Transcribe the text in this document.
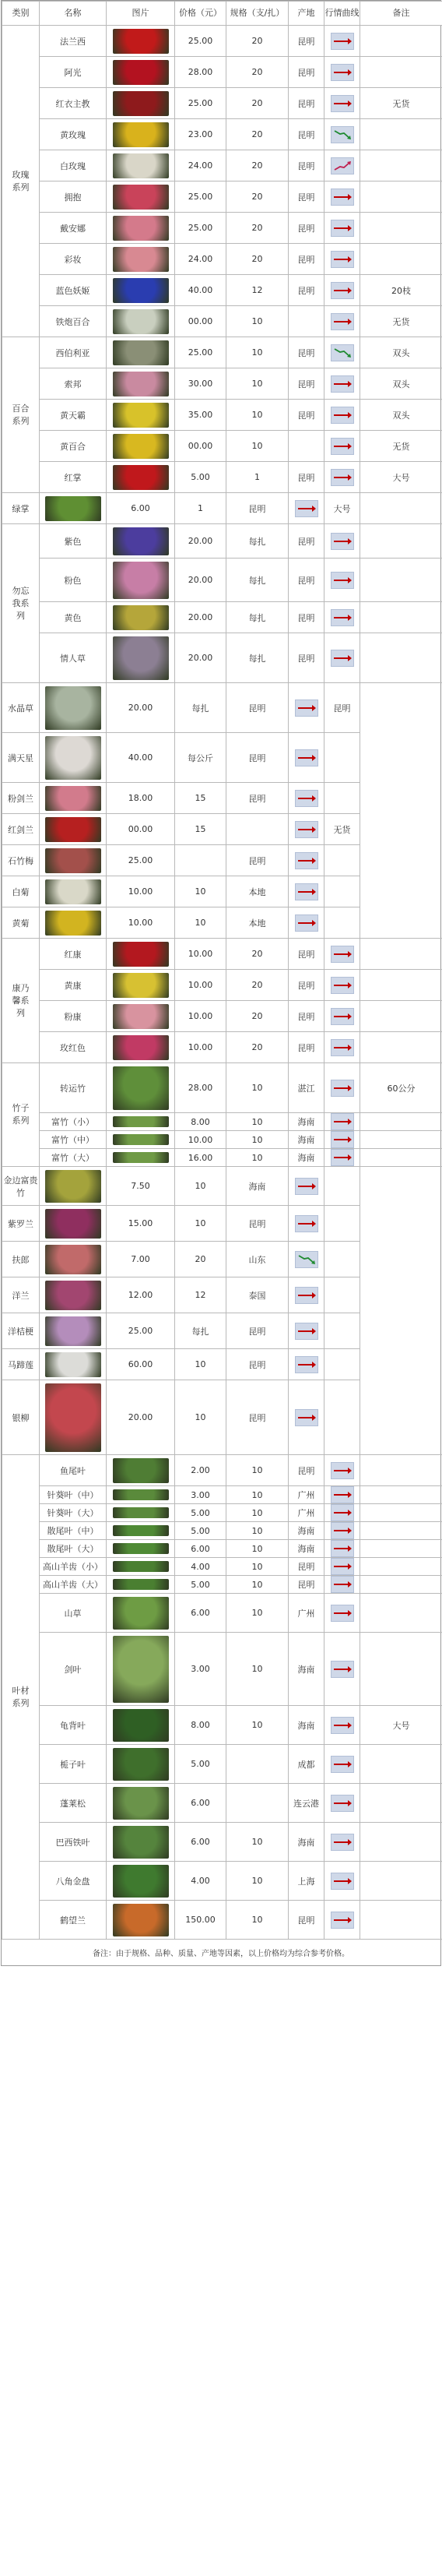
类别	名称	图片	价格（元）	规格（支/扎）	产地	行情曲线	备注
玫瑰系列	法兰西		25.00	20	昆明	

	阿光		28.00	20	昆明	

	红衣主教		25.00	20	昆明		无货
	黄玫瑰		23.00	20	昆明	

	白玫瑰		24.00	20	昆明	

	拥抱		25.00	20	昆明	

	戴安娜		25.00	20	昆明	

	彩妆		24.00	20	昆明	

	蓝色妖姬		40.00	12	昆明		20枝
	铁炮百合		00.00	10			无货
百合系列	西伯利亚		25.00	10	昆明		双头
	索邦		30.00	10	昆明		双头
	黄天霸		35.00	10	昆明		双头
	黄百合		00.00	10			无货
	红掌		5.00	1	昆明		大号
绿掌		6.00	1	昆明		大号	
勿忘我系列	紫色		20.00	每扎	昆明	

	粉色		20.00	每扎	昆明	

	黄色		20.00	每扎	昆明	

	情人草		20.00	每扎	昆明	

水晶草		20.00	每扎	昆明		昆明	
满天星		40.00	每公斤	昆明	

粉剑兰		18.00	15	昆明	

红剑兰		00.00	15			无货	
石竹梅		25.00		昆明	

白菊		10.00	10	本地	

黄菊		10.00	10	本地	

康乃馨系列	红康		10.00	20	昆明	

	黄康		10.00	20	昆明	

	粉康		10.00	20	昆明	

	玫红色		10.00	20	昆明	

竹子系列	转运竹		28.00	10	湛江		60公分
	富竹（小）		8.00	10	海南	

	富竹（中）		10.00	10	海南	

	富竹（大）		16.00	10	海南	

金边富贵竹		7.50	10	海南	

紫罗兰		15.00	10	昆明	

扶郎		7.00	20	山东	

洋兰		12.00	12	泰国	

洋桔梗		25.00	每扎	昆明	

马蹄莲		60.00	10	昆明	

银柳		20.00	10	昆明	

叶材系列	鱼尾叶		2.00	10	昆明	

	针葵叶（中）		3.00	10	广州	

	针葵叶（大）		5.00	10	广州	

	散尾叶（中）		5.00	10	海南	

	散尾叶（大）		6.00	10	海南	

	高山羊齿（小）		4.00	10	昆明	

	高山羊齿（大）		5.00	10	昆明	

	山草		6.00	10	广州	

	剑叶		3.00	10	海南	

	龟背叶		8.00	10	海南		大号
	栀子叶		5.00		成都	

	蓬莱松		6.00		连云港	

	巴西铁叶		6.00	10	海南	

	八角金盘		4.00	10	上海	

	鹤望兰		150.00	10	昆明	

备注：由于规格、品种、质量、产地等因素，以上价格均为综合参考价格。
